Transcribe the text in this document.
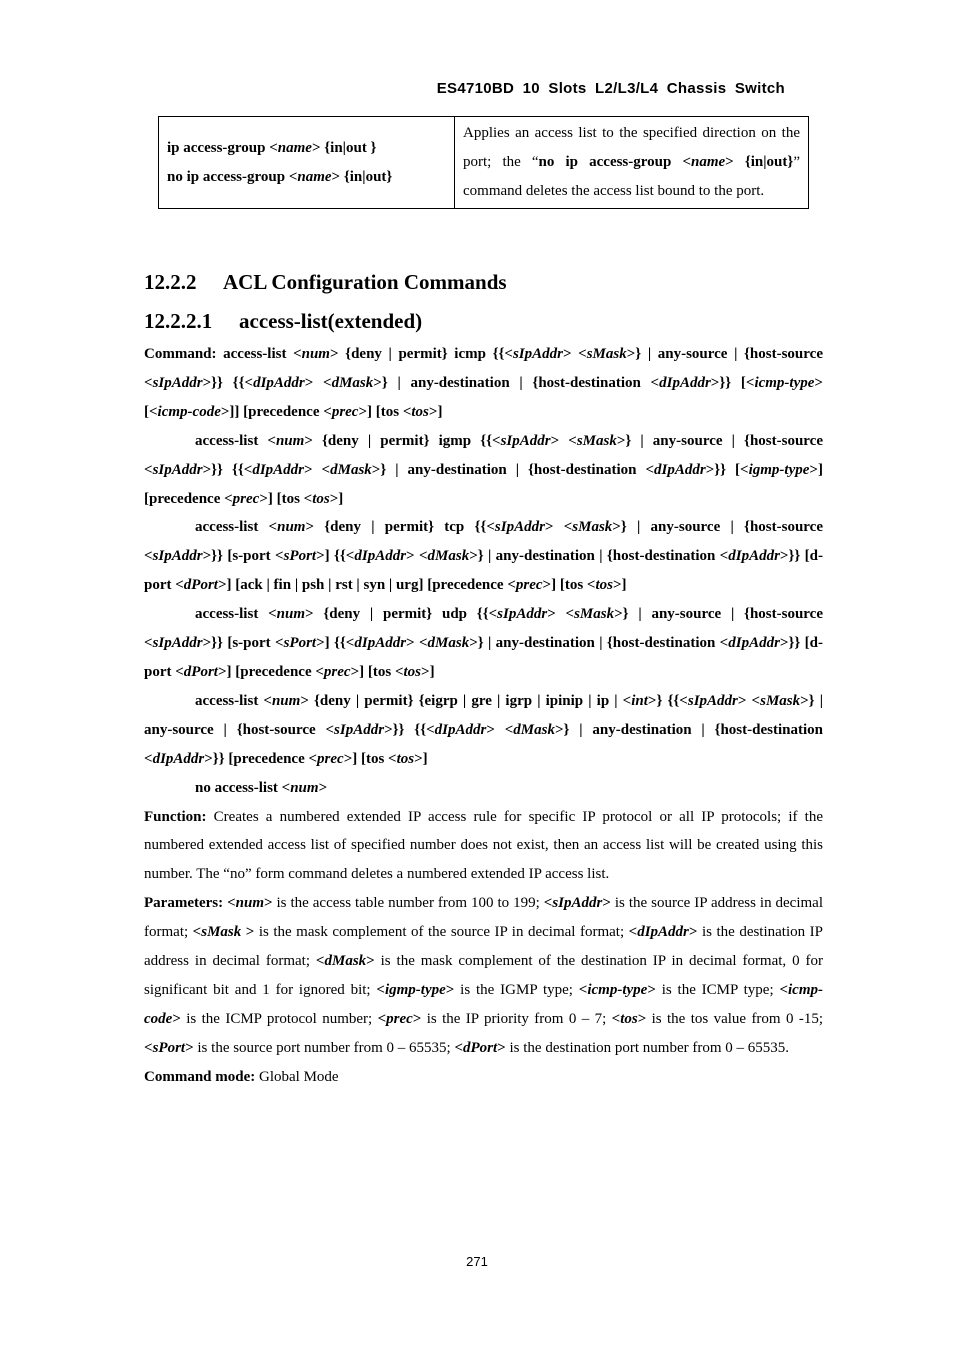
ES4710BD 10 Slots L2/L3/L4 Chassis Switch
ip access-group <name> {in|out }
no ip access-group <name> {in|out}
	Applies an access list to the specified direction on the port; the “no ip access-group <name> {in|out}” command deletes the access list bound to the port.
12.2.2 ACL Configuration Commands
12.2.2.1 access-list(extended)

Command: access-list <num> {deny | permit} icmp {{<sIpAddr> <sMask>} | any-source | {host-source <sIpAddr>}} {{<dIpAddr> <dMask>} | any-destination | {host-destination <dIpAddr>}} [<icmp-type> [<icmp-code>]] [precedence <prec>] [tos <tos>]

access-list <num> {deny | permit} igmp {{<sIpAddr> <sMask>} | any-source | {host-source <sIpAddr>}} {{<dIpAddr> <dMask>} | any-destination | {host-destination <dIpAddr>}} [<igmp-type>] [precedence <prec>] [tos <tos>]

access-list <num> {deny | permit} tcp {{<sIpAddr> <sMask>} | any-source | {host-source <sIpAddr>}} [s-port <sPort>] {{<dIpAddr> <dMask>} | any-destination | {host-destination <dIpAddr>}} [d-port <dPort>] [ack | fin | psh | rst | syn | urg] [precedence <prec>] [tos <tos>]

access-list <num> {deny | permit} udp {{<sIpAddr> <sMask>} | any-source | {host-source <sIpAddr>}} [s-port <sPort>] {{<dIpAddr> <dMask>} | any-destination | {host-destination <dIpAddr>}} [d-port <dPort>] [precedence <prec>] [tos <tos>]

access-list <num> {deny | permit} {eigrp | gre | igrp | ipinip | ip | <int>} {{<sIpAddr> <sMask>} | any-source | {host-source <sIpAddr>}} {{<dIpAddr> <dMask>} | any-destination | {host-destination <dIpAddr>}} [precedence <prec>] [tos <tos>]

no access-list <num>

Function: Creates a numbered extended IP access rule for specific IP protocol or all IP protocols; if the numbered extended access list of specified number does not exist, then an access list will be created using this number. The “no” form command deletes a numbered extended IP access list.

Parameters: <num> is the access table number from 100 to 199; <sIpAddr> is the source IP address in decimal format; <sMask > is the mask complement of the source IP in decimal format; <dIpAddr> is the destination IP address in decimal format; <dMask> is the mask complement of the destination IP in decimal format, 0 for significant bit and 1 for ignored bit; <igmp-type> is the IGMP type; <icmp-type> is the ICMP type; <icmp-code> is the ICMP protocol number; <prec> is the IP priority from 0 – 7; <tos> is the tos value from 0 -15; <sPort> is the source port number from 0 – 65535; <dPort> is the destination port number from 0 – 65535.

Command mode: Global Mode

271
